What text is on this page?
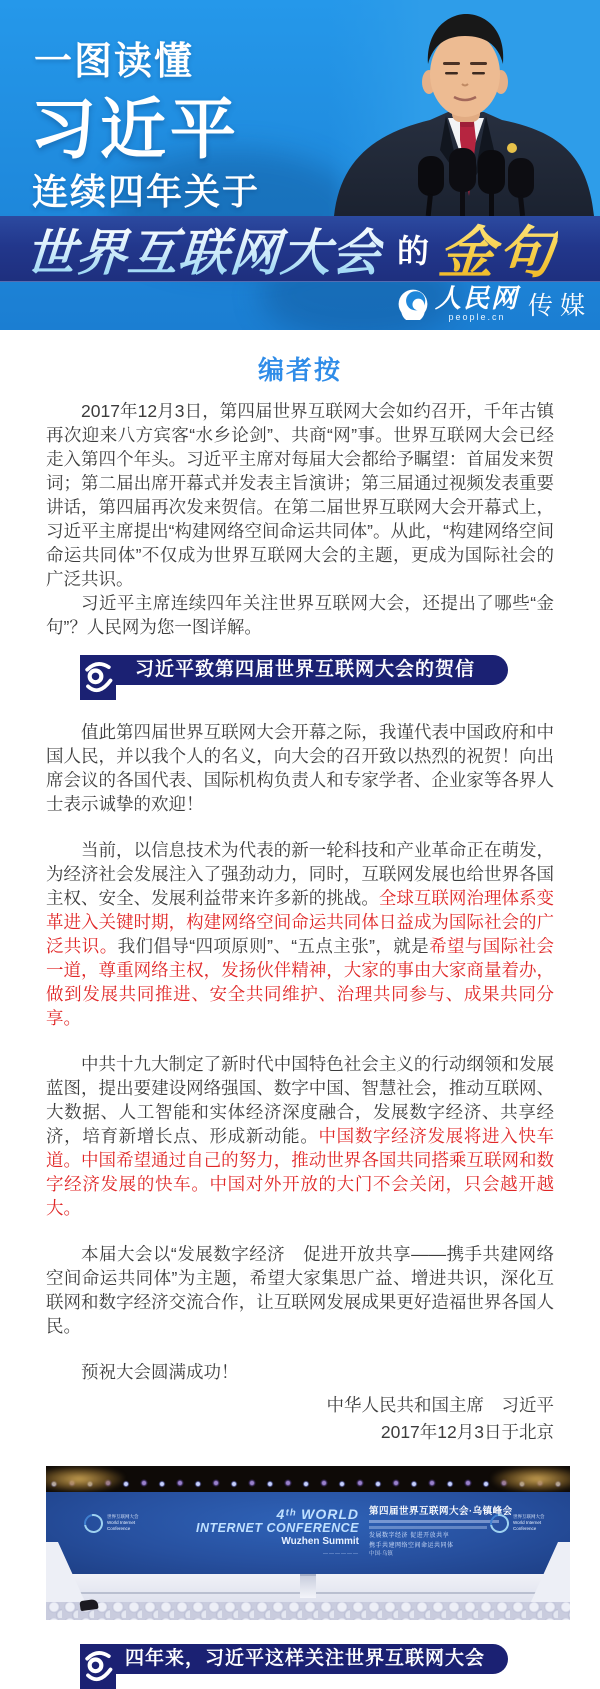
一图读懂
习近平
连续四年关于
世界互联网大会 的 金句
人民网
people.cn 传媒
编者按

2017年12月3日，第四届世界互联网大会如约召开，千年古镇再次迎来八方宾客“水乡论剑”、共商“网”事。世界互联网大会已经走入第四个年头。习近平主席对每届大会都给予瞩望：首届发来贺词；第二届出席开幕式并发表主旨演讲；第三届通过视频发表重要讲话，第四届再次发来贺信。在第二届世界互联网大会开幕式上，习近平主席提出“构建网络空间命运共同体”。从此，“构建网络空间命运共同体”不仅成为世界互联网大会的主题，更成为国际社会的广泛共识。

习近平主席连续四年关注世界互联网大会，还提出了哪些“金句”？人民网为您一图详解。

习近平致第四届世界互联网大会的贺信

值此第四届世界互联网大会开幕之际，我谨代表中国政府和中国人民，并以我个人的名义，向大会的召开致以热烈的祝贺！向出席会议的各国代表、国际机构负责人和专家学者、企业家等各界人士表示诚挚的欢迎！

当前，以信息技术为代表的新一轮科技和产业革命正在萌发，为经济社会发展注入了强劲动力，同时，互联网发展也给世界各国主权、安全、发展利益带来许多新的挑战。全球互联网治理体系变革进入关键时期，构建网络空间命运共同体日益成为国际社会的广泛共识。我们倡导“四项原则”、“五点主张”，就是希望与国际社会一道，尊重网络主权，发扬伙伴精神，大家的事由大家商量着办，做到发展共同推进、安全共同维护、治理共同参与、成果共同分享。

中共十九大制定了新时代中国特色社会主义的行动纲领和发展蓝图，提出要建设网络强国、数字中国、智慧社会，推动互联网、大数据、人工智能和实体经济深度融合，发展数字经济、共享经济，培育新增长点、形成新动能。中国数字经济发展将进入快车道。中国希望通过自己的努力，推动世界各国共同搭乘互联网和数字经济发展的快车。中国对外开放的大门不会关闭，只会越开越大。

本届大会以“发展数字经济　促进开放共享——携手共建网络空间命运共同体”为主题，希望大家集思广益、增进共识，深化互联网和数字经济交流合作，让互联网发展成果更好造福世界各国人民。

预祝大会圆满成功！

中华人民共和国主席　习近平
2017年12月3日于北京
世界互联网大会 World Internet Conference
4ᵗʰ WORLD
INTERNET CONFERENCE
Wuzhen Summit
——————
第四届世界互联网大会·乌镇峰会
发展数字经济 促进开放共享
携手共建网络空间命运共同体
中国·乌镇
世界互联网大会 World Internet Conference
四年来，习近平这样关注世界互联网大会
